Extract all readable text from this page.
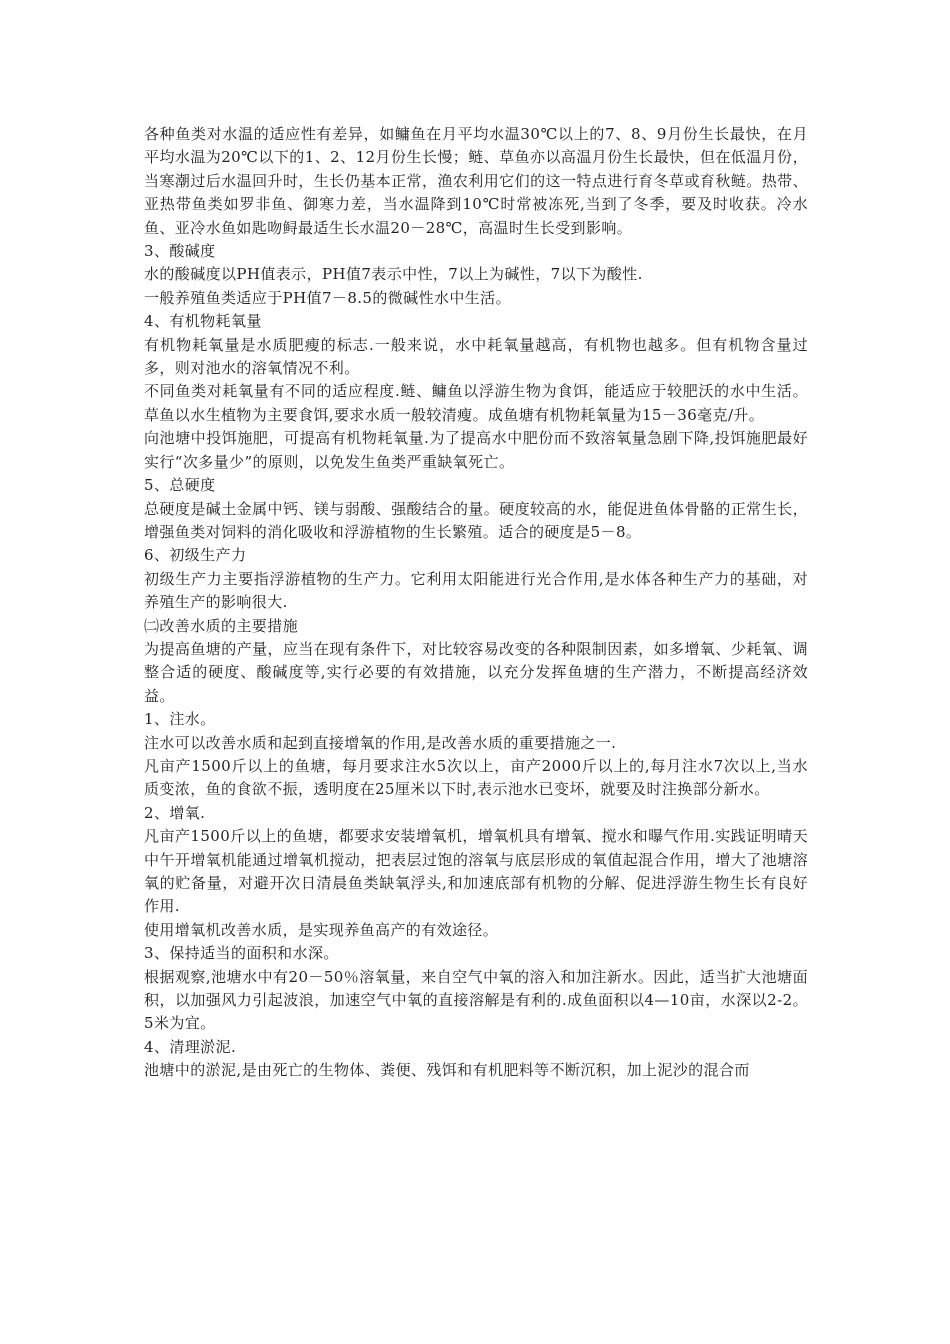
各种鱼类对水温的适应性有差异，如鳙鱼在月平均水温30℃以上的7、8、9月份生长最快，在月平均水温为20℃以下的1、2、12月份生长慢；鲢、草鱼亦以高温月份生长最快，但在低温月份，当寒潮过后水温回升时，生长仍基本正常，渔农利用它们的这一特点进行育冬草或育秋鲢。热带、亚热带鱼类如罗非鱼、御寒力差，当水温降到10℃时常被冻死,当到了冬季，要及时收获。冷水鱼、亚冷水鱼如匙吻鲟最适生长水温20－28℃，高温时生长受到影响。

3、酸碱度

水的酸碱度以PH值表示，PH值7表示中性，7以上为碱性，7以下为酸性.

一般养殖鱼类适应于PH值7－8.5的微碱性水中生活。

4、有机物耗氧量

有机物耗氧量是水质肥瘦的标志.一般来说，水中耗氧量越高，有机物也越多。但有机物含量过多，则对池水的溶氧情况不利。

不同鱼类对耗氧量有不同的适应程度.鲢、鳙鱼以浮游生物为食饵，能适应于较肥沃的水中生活。草鱼以水生植物为主要食饵,要求水质一般较清瘦。成鱼塘有机物耗氧量为15－36毫克/升。

向池塘中投饵施肥，可提高有机物耗氧量.为了提高水中肥份而不致溶氧量急剧下降,投饵施肥最好实行“次多量少”的原则，以免发生鱼类严重缺氧死亡。

5、总硬度

总硬度是碱土金属中钙、镁与弱酸、强酸结合的量。硬度较高的水，能促进鱼体骨骼的正常生长，增强鱼类对饲料的消化吸收和浮游植物的生长繁殖。适合的硬度是5－8。

6、初级生产力

初级生产力主要指浮游植物的生产力。它利用太阳能进行光合作用,是水体各种生产力的基础，对养殖生产的影响很大.

㈡改善水质的主要措施

为提高鱼塘的产量，应当在现有条件下，对比较容易改变的各种限制因素，如多增氧、少耗氧、调整合适的硬度、酸碱度等,实行必要的有效措施，以充分发挥鱼塘的生产潜力，不断提高经济效益。

1、注水。

注水可以改善水质和起到直接增氧的作用,是改善水质的重要措施之一.

凡亩产1500斤以上的鱼塘，每月要求注水5次以上，亩产2000斤以上的,每月注水7次以上,当水质变浓，鱼的食欲不振，透明度在25厘米以下时,表示池水已变坏，就要及时注换部分新水。

2、增氧.

凡亩产1500斤以上的鱼塘，都要求安装增氧机，增氧机具有增氧、搅水和曝气作用.实践证明晴天中午开增氧机能通过增氧机搅动，把表层过饱的溶氧与底层形成的氧值起混合作用，增大了池塘溶氧的贮备量，对避开次日清晨鱼类缺氧浮头,和加速底部有机物的分解、促进浮游生物生长有良好作用.

使用增氧机改善水质，是实现养鱼高产的有效途径。

3、保持适当的面积和水深。

根据观察,池塘水中有20－50％溶氧量，来自空气中氧的溶入和加注新水。因此，适当扩大池塘面积，以加强风力引起波浪，加速空气中氧的直接溶解是有利的.成鱼面积以4—10亩，水深以2-2。5米为宜。

4、清理淤泥.

池塘中的淤泥,是由死亡的生物体、粪便、残饵和有机肥料等不断沉积，加上泥沙的混合而
